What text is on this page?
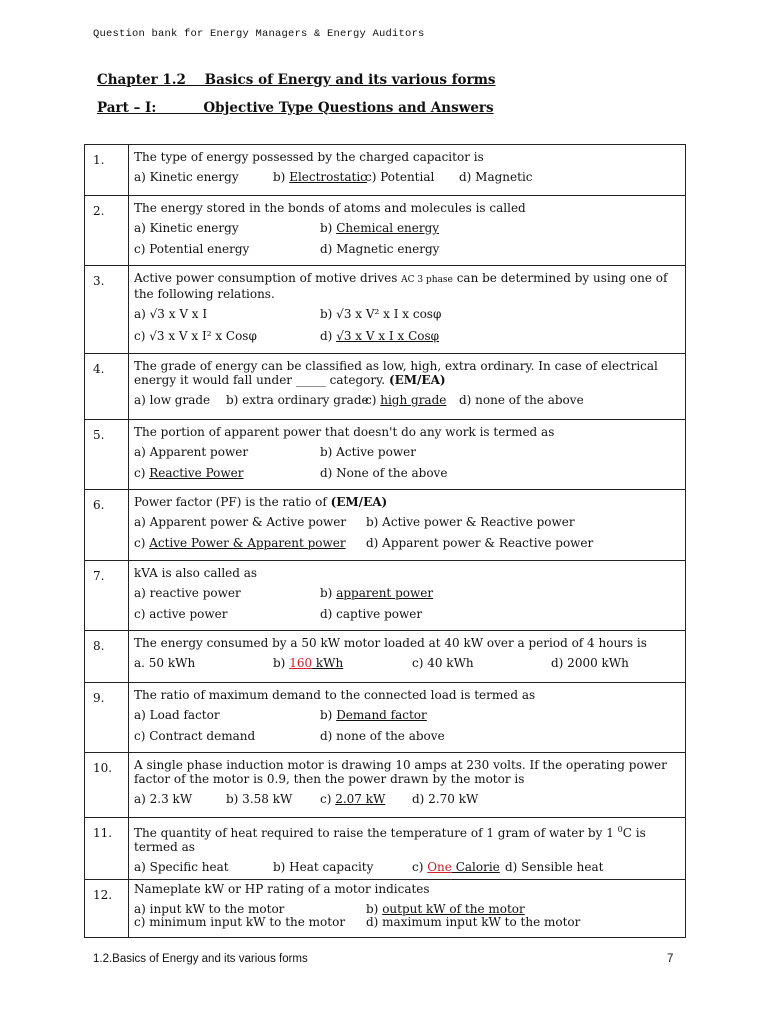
Question bank for Energy Managers & Energy Auditors
Chapter 1.2    Basics of Energy and its various forms
Part – I:          Objective Type Questions and Answers
1.	The type of energy possessed by the charged capacitor is
a) Kinetic energy b) Electrostatic
c) Potential d) Magnetic

2.	The energy stored in the bonds of atoms and molecules is called
a) Kinetic energy b) Chemical energy
c) Potential energy d) Magnetic energy

3.	Active power consumption of motive drives AC 3 phase can be determined by using one of the following relations.
a) √3 x V x I b) √3 x V² x I x cosφ
c) √3 x V x I² x Cosφ d) √3 x V x I x Cosφ

4.	The grade of energy can be classified as low, high, extra ordinary. In case of electrical energy it would fall under _____ category. (EM/EA)
a) low grade b) extra ordinary grade
c) high grade d) none of the above

5.	The portion of apparent power that doesn't do any work is termed as
a) Apparent power b) Active power
c) Reactive Power d) None of the above

6.	Power factor (PF) is the ratio of (EM/EA)
a) Apparent power & Active power b) Active power & Reactive power
c) Active Power & Apparent power d) Apparent power & Reactive power

7.	kVA is also called as
a) reactive power b) apparent power
c) active power d) captive power

8.	The energy consumed by a 50 kW motor loaded at 40 kW over a period of 4 hours is
a. 50 kWh b) 160 kWh c) 40 kWh d) 2000 kWh

9.	The ratio of maximum demand to the connected load is termed as
a) Load factor b) Demand factor
c) Contract demand d) none of the above

10.	A single phase induction motor is drawing 10 amps at 230 volts. If the operating power factor of the motor is 0.9, then the power drawn by the motor is
a) 2.3 kW b) 3.58 kW c) 2.07 kW d) 2.70 kW

11.	The quantity of heat required to raise the temperature of 1 gram of water by 1 $^0$C is termed as
a) Specific heat b) Heat capacity c) One Calorie d) Sensible heat

12.	Nameplate kW or HP rating of a motor indicates
a) input kW to the motor b) output kW of the motor
c) minimum input kW to the motor d) maximum input kW to the motor
1.2.Basics of Energy and its various forms	7
